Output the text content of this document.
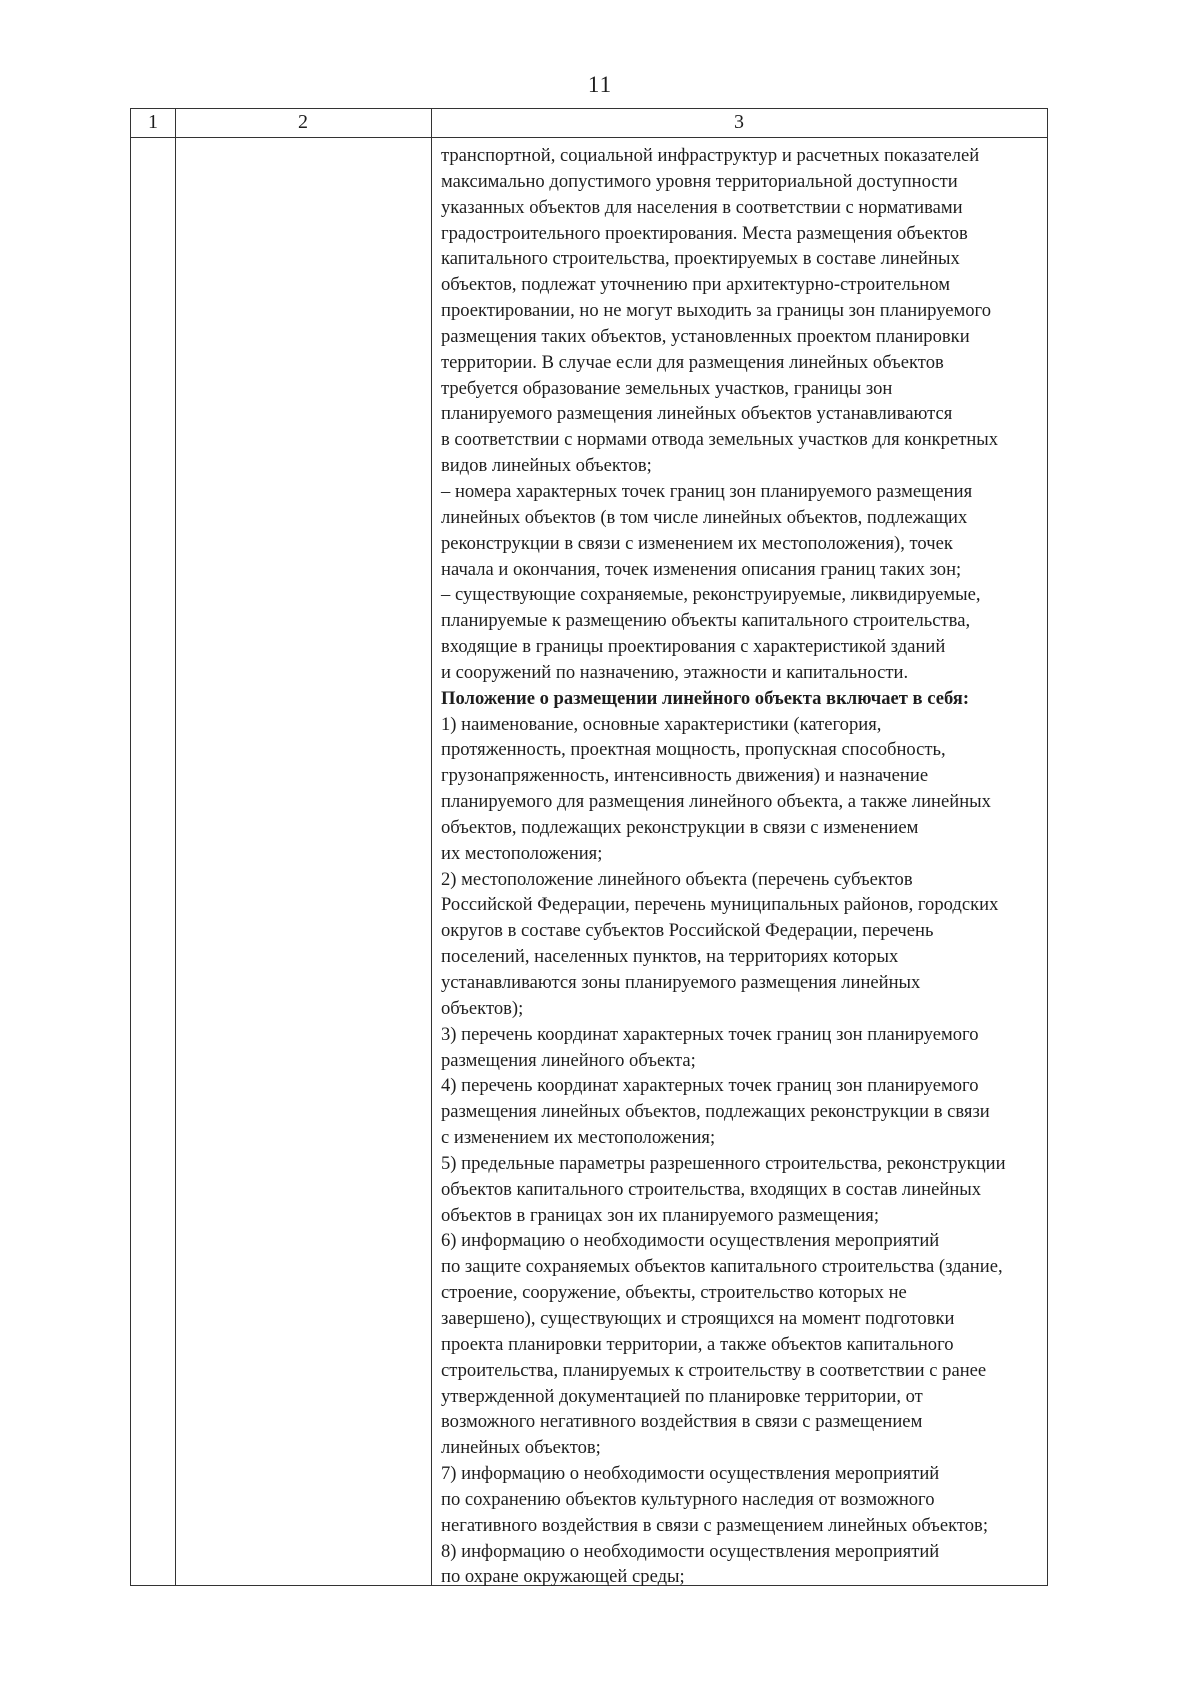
11
1	2	3
транспортной, социальной инфраструктур и расчетных показателей
максимально допустимого уровня территориальной доступности
указанных объектов для населения в соответствии с нормативами
градостроительного проектирования. Места размещения объектов
капитального строительства, проектируемых в составе линейных
объектов, подлежат уточнению при архитектурно-строительном
проектировании, но не могут выходить за границы зон планируемого
размещения таких объектов, установленных проектом планировки
территории. В случае если для размещения линейных объектов
требуется образование земельных участков, границы зон
планируемого размещения линейных объектов устанавливаются
в соответствии с нормами отвода земельных участков для конкретных
видов линейных объектов;
– номера характерных точек границ зон планируемого размещения
линейных объектов (в том числе линейных объектов, подлежащих
реконструкции в связи с изменением их местоположения), точек
начала и окончания, точек изменения описания границ таких зон;
– существующие сохраняемые, реконструируемые, ликвидируемые,
планируемые к размещению объекты капитального строительства,
входящие в границы проектирования с характеристикой зданий
и сооружений по назначению, этажности и капитальности.
Положение о размещении линейного объекта включает в себя:
1) наименование, основные характеристики (категория,
протяженность, проектная мощность, пропускная способность,
грузонапряженность, интенсивность движения) и назначение
планируемого для размещения линейного объекта, а также линейных
объектов, подлежащих реконструкции в связи с изменением
их местоположения;
2) местоположение линейного объекта (перечень субъектов
Российской Федерации, перечень муниципальных районов, городских
округов в составе субъектов Российской Федерации, перечень
поселений, населенных пунктов, на территориях которых
устанавливаются зоны планируемого размещения линейных
объектов);
3) перечень координат характерных точек границ зон планируемого
размещения линейного объекта;
4) перечень координат характерных точек границ зон планируемого
размещения линейных объектов, подлежащих реконструкции в связи
с изменением их местоположения;
5) предельные параметры разрешенного строительства, реконструкции
объектов капитального строительства, входящих в состав линейных
объектов в границах зон их планируемого размещения;
6) информацию о необходимости осуществления мероприятий
по защите сохраняемых объектов капитального строительства (здание,
строение, сооружение, объекты, строительство которых не
завершено), существующих и строящихся на момент подготовки
проекта планировки территории, а также объектов капитального
строительства, планируемых к строительству в соответствии с ранее
утвержденной документацией по планировке территории, от
возможного негативного воздействия в связи с размещением
линейных объектов;
7) информацию о необходимости осуществления мероприятий
по сохранению объектов культурного наследия от возможного
негативного воздействия в связи с размещением линейных объектов;
8) информацию о необходимости осуществления мероприятий
по охране окружающей среды;
